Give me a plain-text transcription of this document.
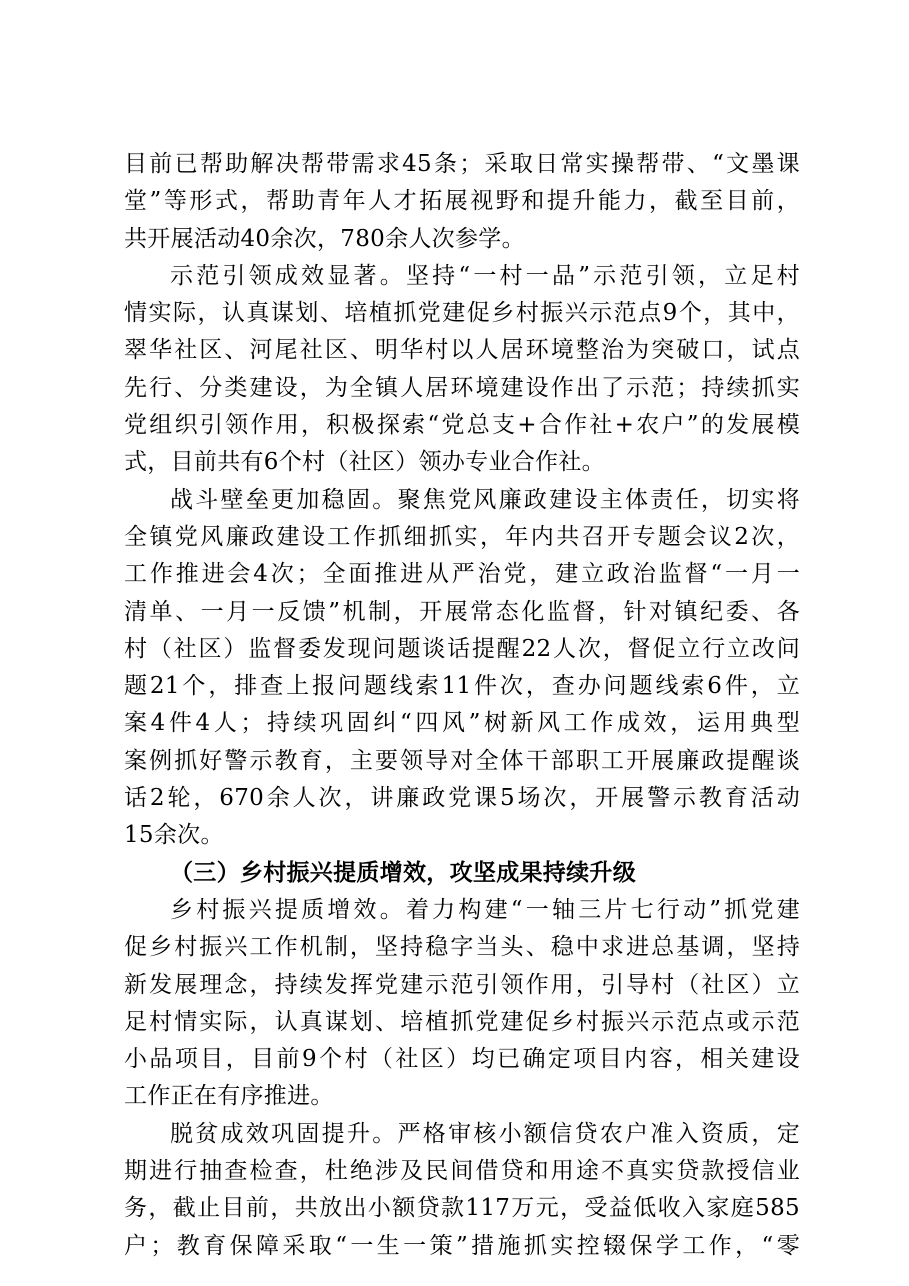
目前已帮助解决帮带需求45条；采取日常实操帮带、“文墨课
堂”等形式，帮助青年人才拓展视野和提升能力，截至目前，
共开展活动40余次，780余人次参学。
示范引领成效显著。坚持“一村一品”示范引领，立足村
情实际，认真谋划、培植抓党建促乡村振兴示范点9个，其中，
翠华社区、河尾社区、明华村以人居环境整治为突破口，试点
先行、分类建设，为全镇人居环境建设作出了示范；持续抓实
党组织引领作用，积极探索“党总支+合作社+农户”的发展模
式，目前共有6个村（社区）领办专业合作社。
战斗壁垒更加稳固。聚焦党风廉政建设主体责任，切实将
全镇党风廉政建设工作抓细抓实，年内共召开专题会议2次，
工作推进会4次；全面推进从严治党，建立政治监督“一月一
清单、一月一反馈”机制，开展常态化监督，针对镇纪委、各
村（社区）监督委发现问题谈话提醒22人次，督促立行立改问
题21个，排查上报问题线索11件次，查办问题线索6件，立
案4件4人；持续巩固纠“四风”树新风工作成效，运用典型
案例抓好警示教育，主要领导对全体干部职工开展廉政提醒谈
话2轮，670余人次，讲廉政党课5场次，开展警示教育活动
15余次。
（三）乡村振兴提质增效，攻坚成果持续升级
乡村振兴提质增效。着力构建“一轴三片七行动”抓党建
促乡村振兴工作机制，坚持稳字当头、稳中求进总基调，坚持
新发展理念，持续发挥党建示范引领作用，引导村（社区）立
足村情实际，认真谋划、培植抓党建促乡村振兴示范点或示范
小品项目，目前9个村（社区）均已确定项目内容，相关建设
工作正在有序推进。
脱贫成效巩固提升。严格审核小额信贷农户准入资质，定
期进行抽查检查，杜绝涉及民间借贷和用途不真实贷款授信业
务，截止目前，共放出小额贷款117万元，受益低收入家庭585
户；教育保障采取“一生一策”措施抓实控辍保学工作，“零
